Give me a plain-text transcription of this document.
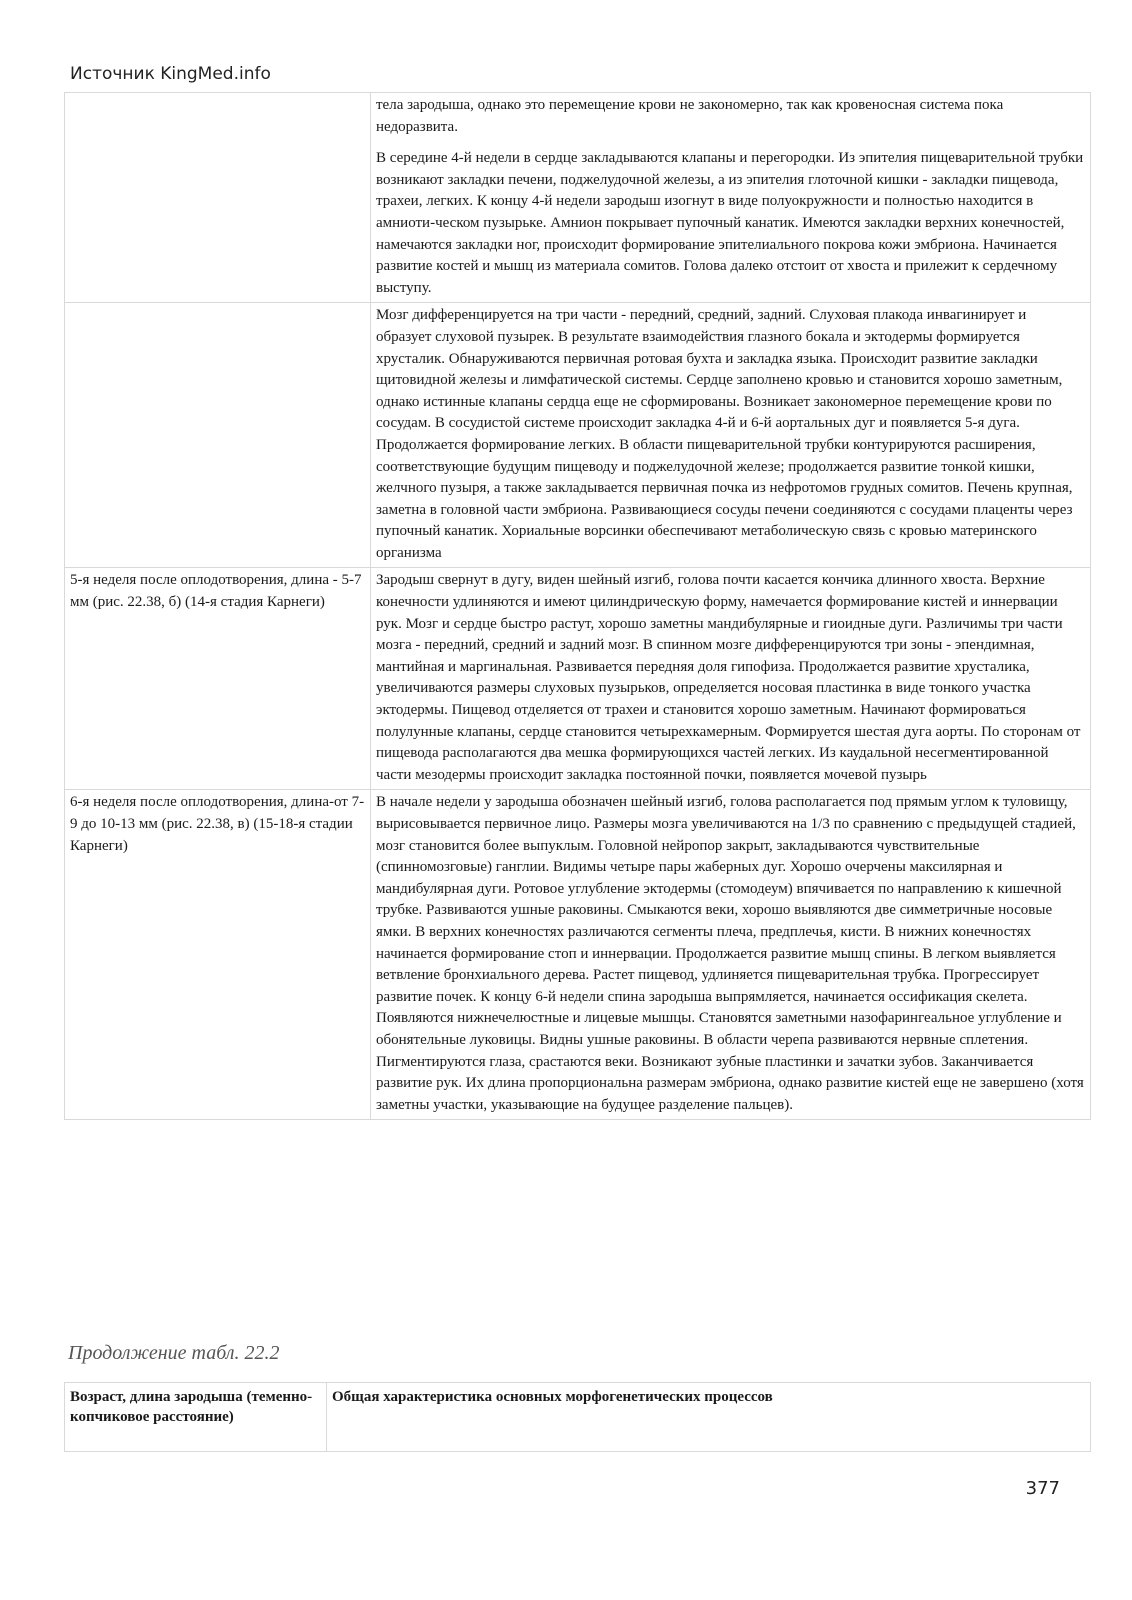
Источник KingMed.info

	тела зародыша, однако это перемещение крови не закономерно, так как кровеносная система пока недоразвита.

В середине 4-й недели в сердце закладываются клапаны и перегородки. Из эпителия пищеварительной трубки возникают закладки печени, поджелудочной железы, а из эпителия глоточной кишки - закладки пищевода, трахеи, легких. К концу 4-й недели зародыш изогнут в виде полуокружности и полностью находится в амниоти-ческом пузырьке. Амнион покрывает пупочный канатик. Имеются закладки верхних конечностей, намечаются закладки ног, происходит формирование эпителиального покрова кожи эмбриона. Начинается развитие костей и мышц из материала сомитов. Голова далеко отстоит от хвоста и прилежит к сердечному выступу.

	Мозг дифференцируется на три части - передний, средний, задний. Слуховая плакода инвагинирует и образует слуховой пузырек. В результате взаимодействия глазного бокала и эктодермы формируется хрусталик. Обнаруживаются первичная ротовая бухта и закладка языка. Происходит развитие закладки щитовидной железы и лимфатической системы. Сердце заполнено кровью и становится хорошо заметным, однако истинные клапаны сердца еще не сформированы. Возникает закономерное перемещение крови по сосудам. В сосудистой системе происходит закладка 4-й и 6-й аортальных дуг и появляется 5-я дуга. Продолжается формирование легких. В области пищеварительной трубки контурируются расширения, соответствующие будущим пищеводу и поджелудочной железе; продолжается развитие тонкой кишки, желчного пузыря, а также закладывается первичная почка из нефротомов грудных сомитов. Печень крупная, заметна в головной части эмбриона. Развивающиеся сосуды печени соединяются с сосудами плаценты через пупочный канатик. Хориальные ворсинки обеспечивают метаболическую связь с кровью материнского организма

5-я неделя после оплодотворения, длина - 5-7 мм (рис. 22.38, б) (14-я стадия Карнеги)	Зародыш свернут в дугу, виден шейный изгиб, голова почти касается кончика длинного хвоста. Верхние конечности удлиняются и имеют цилиндрическую форму, намечается формирование кистей и иннервации рук. Мозг и сердце быстро растут, хорошо заметны мандибулярные и гиоидные дуги. Различимы три части мозга - передний, средний и задний мозг. В спинном мозге дифференцируются три зоны - эпендимная, мантийная и маргинальная. Развивается передняя доля гипофиза. Продолжается развитие хрусталика, увеличиваются размеры слуховых пузырьков, определяется носовая пластинка в виде тонкого участка эктодермы. Пищевод отделяется от трахеи и становится хорошо заметным. Начинают формироваться полулунные клапаны, сердце становится четырехкамерным. Формируется шестая дуга аорты. По сторонам от пищевода располагаются два мешка формирующихся частей легких. Из каудальной несегментированной части мезодермы происходит закладка постоянной почки, появляется мочевой пузырь

6-я неделя после оплодотворения, длина-от 7-9 до 10-13 мм (рис. 22.38, в) (15-18-я стадии Карнеги)	В начале недели у зародыша обозначен шейный изгиб, голова располагается под прямым углом к туловищу, вырисовывается первичное лицо. Размеры мозга увеличиваются на 1/3 по сравнению с предыдущей стадией, мозг становится более выпуклым. Головной нейропор закрыт, закладываются чувствительные (спинномозговые) ганглии. Видимы четыре пары жаберных дуг. Хорошо очерчены максилярная и мандибулярная дуги. Ротовое углубление эктодермы (стомодеум) впячивается по направлению к кишечной трубке. Развиваются ушные раковины. Смыкаются веки, хорошо выявляются две симметричные носовые ямки. В верхних конечностях различаются сегменты плеча, предплечья, кисти. В нижних конечностях начинается формирование стоп и иннервации. Продолжается развитие мышц спины. В легком выявляется ветвление бронхиального дерева. Растет пищевод, удлиняется пищеварительная трубка. Прогрессирует развитие почек. К концу 6-й недели спина зародыша выпрямляется, начинается оссификация скелета. Появляются нижнечелюстные и лицевые мышцы. Становятся заметными назофарингеальное углубление и обонятельные луковицы. Видны ушные раковины. В области черепа развиваются нервные сплетения. Пигментируются глаза, срастаются веки. Возникают зубные пластинки и зачатки зубов. Заканчивается развитие рук. Их длина пропорциональна размерам эмбриона, однако развитие кистей еще не завершено (хотя заметны участки, указывающие на будущее разделение пальцев).

Продолжение табл. 22.2
Возраст, длина зародыша (теменно-копчиковое расстояние)	Общая характеристика основных морфогенетических процессов
377
